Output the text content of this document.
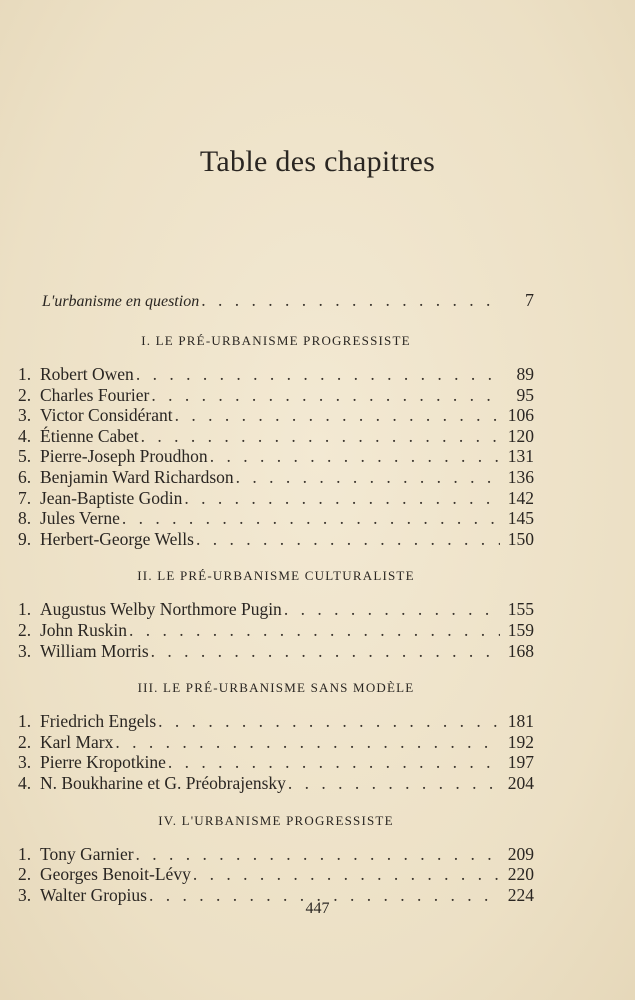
Table des chapitres
L'urbanisme en question . . .	7
I. LE PRÉ-URBANISME PROGRESSISTE
1. Robert Owen . . .	89
2. Charles Fourier . . .	95
3. Victor Considérant . . .	106
4. Étienne Cabet . . .	120
5. Pierre-Joseph Proudhon . . .	131
6. Benjamin Ward Richardson . . .	136
7. Jean-Baptiste Godin . . .	142
8. Jules Verne . . .	145
9. Herbert-George Wells . . .	150
II. LE PRÉ-URBANISME CULTURALISTE
1. Augustus Welby Northmore Pugin . . .	155
2. John Ruskin . . .	159
3. William Morris . . .	168
III. LE PRÉ-URBANISME SANS MODÈLE
1. Friedrich Engels . . .	181
2. Karl Marx . . .	192
3. Pierre Kropotkine . . .	197
4. N. Boukharine et G. Préobrajensky . . .	204
IV. L'URBANISME PROGRESSISTE
1. Tony Garnier . . .	209
2. Georges Benoit-Lévy . . .	220
3. Walter Gropius . . .	224
447
